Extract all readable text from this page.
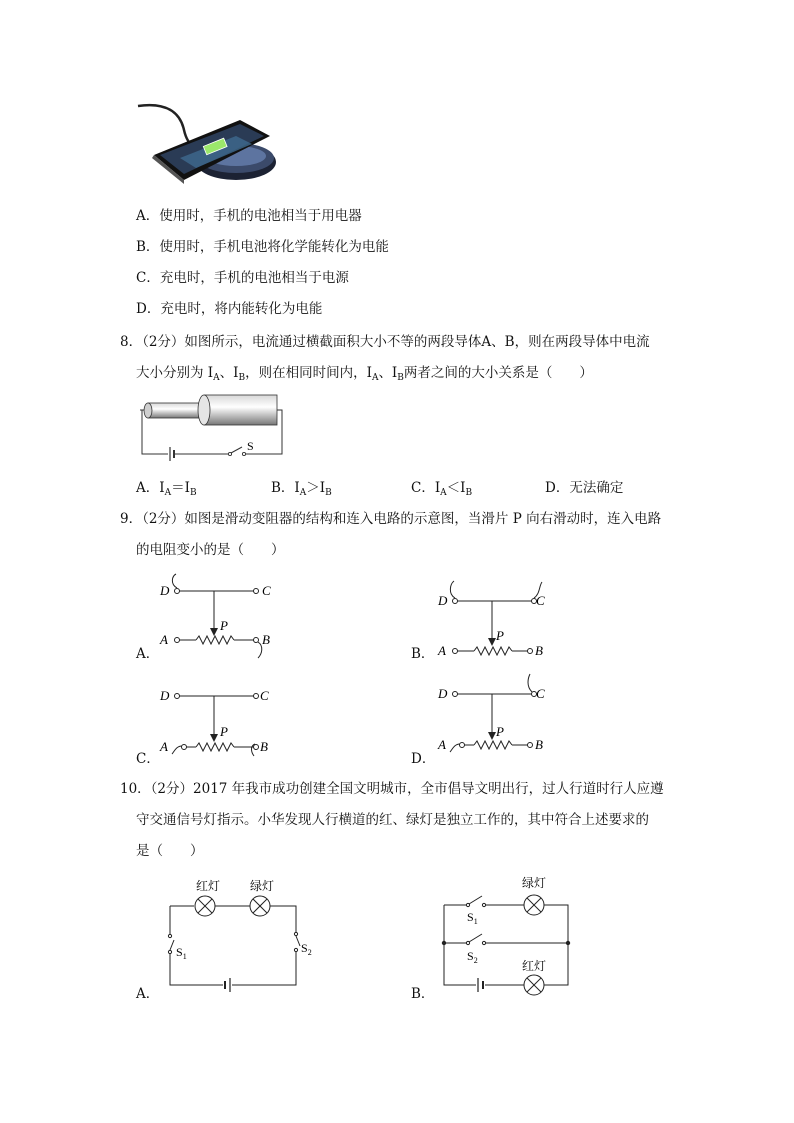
A．使用时，手机的电池相当于用电器
B．使用时，手机电池将化学能转化为电能
C．充电时，手机的电池相当于电源
D．充电时，将内能转化为电能
8．（2分）如图所示，电流通过横截面积大小不等的两段导体A、B，则在两段导体中电流
大小分别为 $I_A$、$I_B$，则在相同时间内，$I_A$、$I_B$两者之间的大小关系是（　　）
S
A．$I_A=I_B$	B．$I_A>I_B$	C．$I_A<I_B$	D．无法确定
9．（2分）如图是滑动变阻器的结构和连入电路的示意图，当滑片 P 向右滑动时，连入电路
的电阻变小的是（　　）
D	C
P
A	B
A．
D	C
P
A	B
B．
D	C
P
A	B
C．
D	C
P
A	B
D．
10．（2分）2017 年我市成功创建全国文明城市，全市倡导文明出行，过人行道时行人应遵
守交通信号灯指示。小华发现人行横道的红、绿灯是独立工作的，其中符合上述要求的
是（　　）
红灯 绿灯
$S_1$
$S_2$
A．
绿灯
红灯
$S_1$
$S_2$
B．
